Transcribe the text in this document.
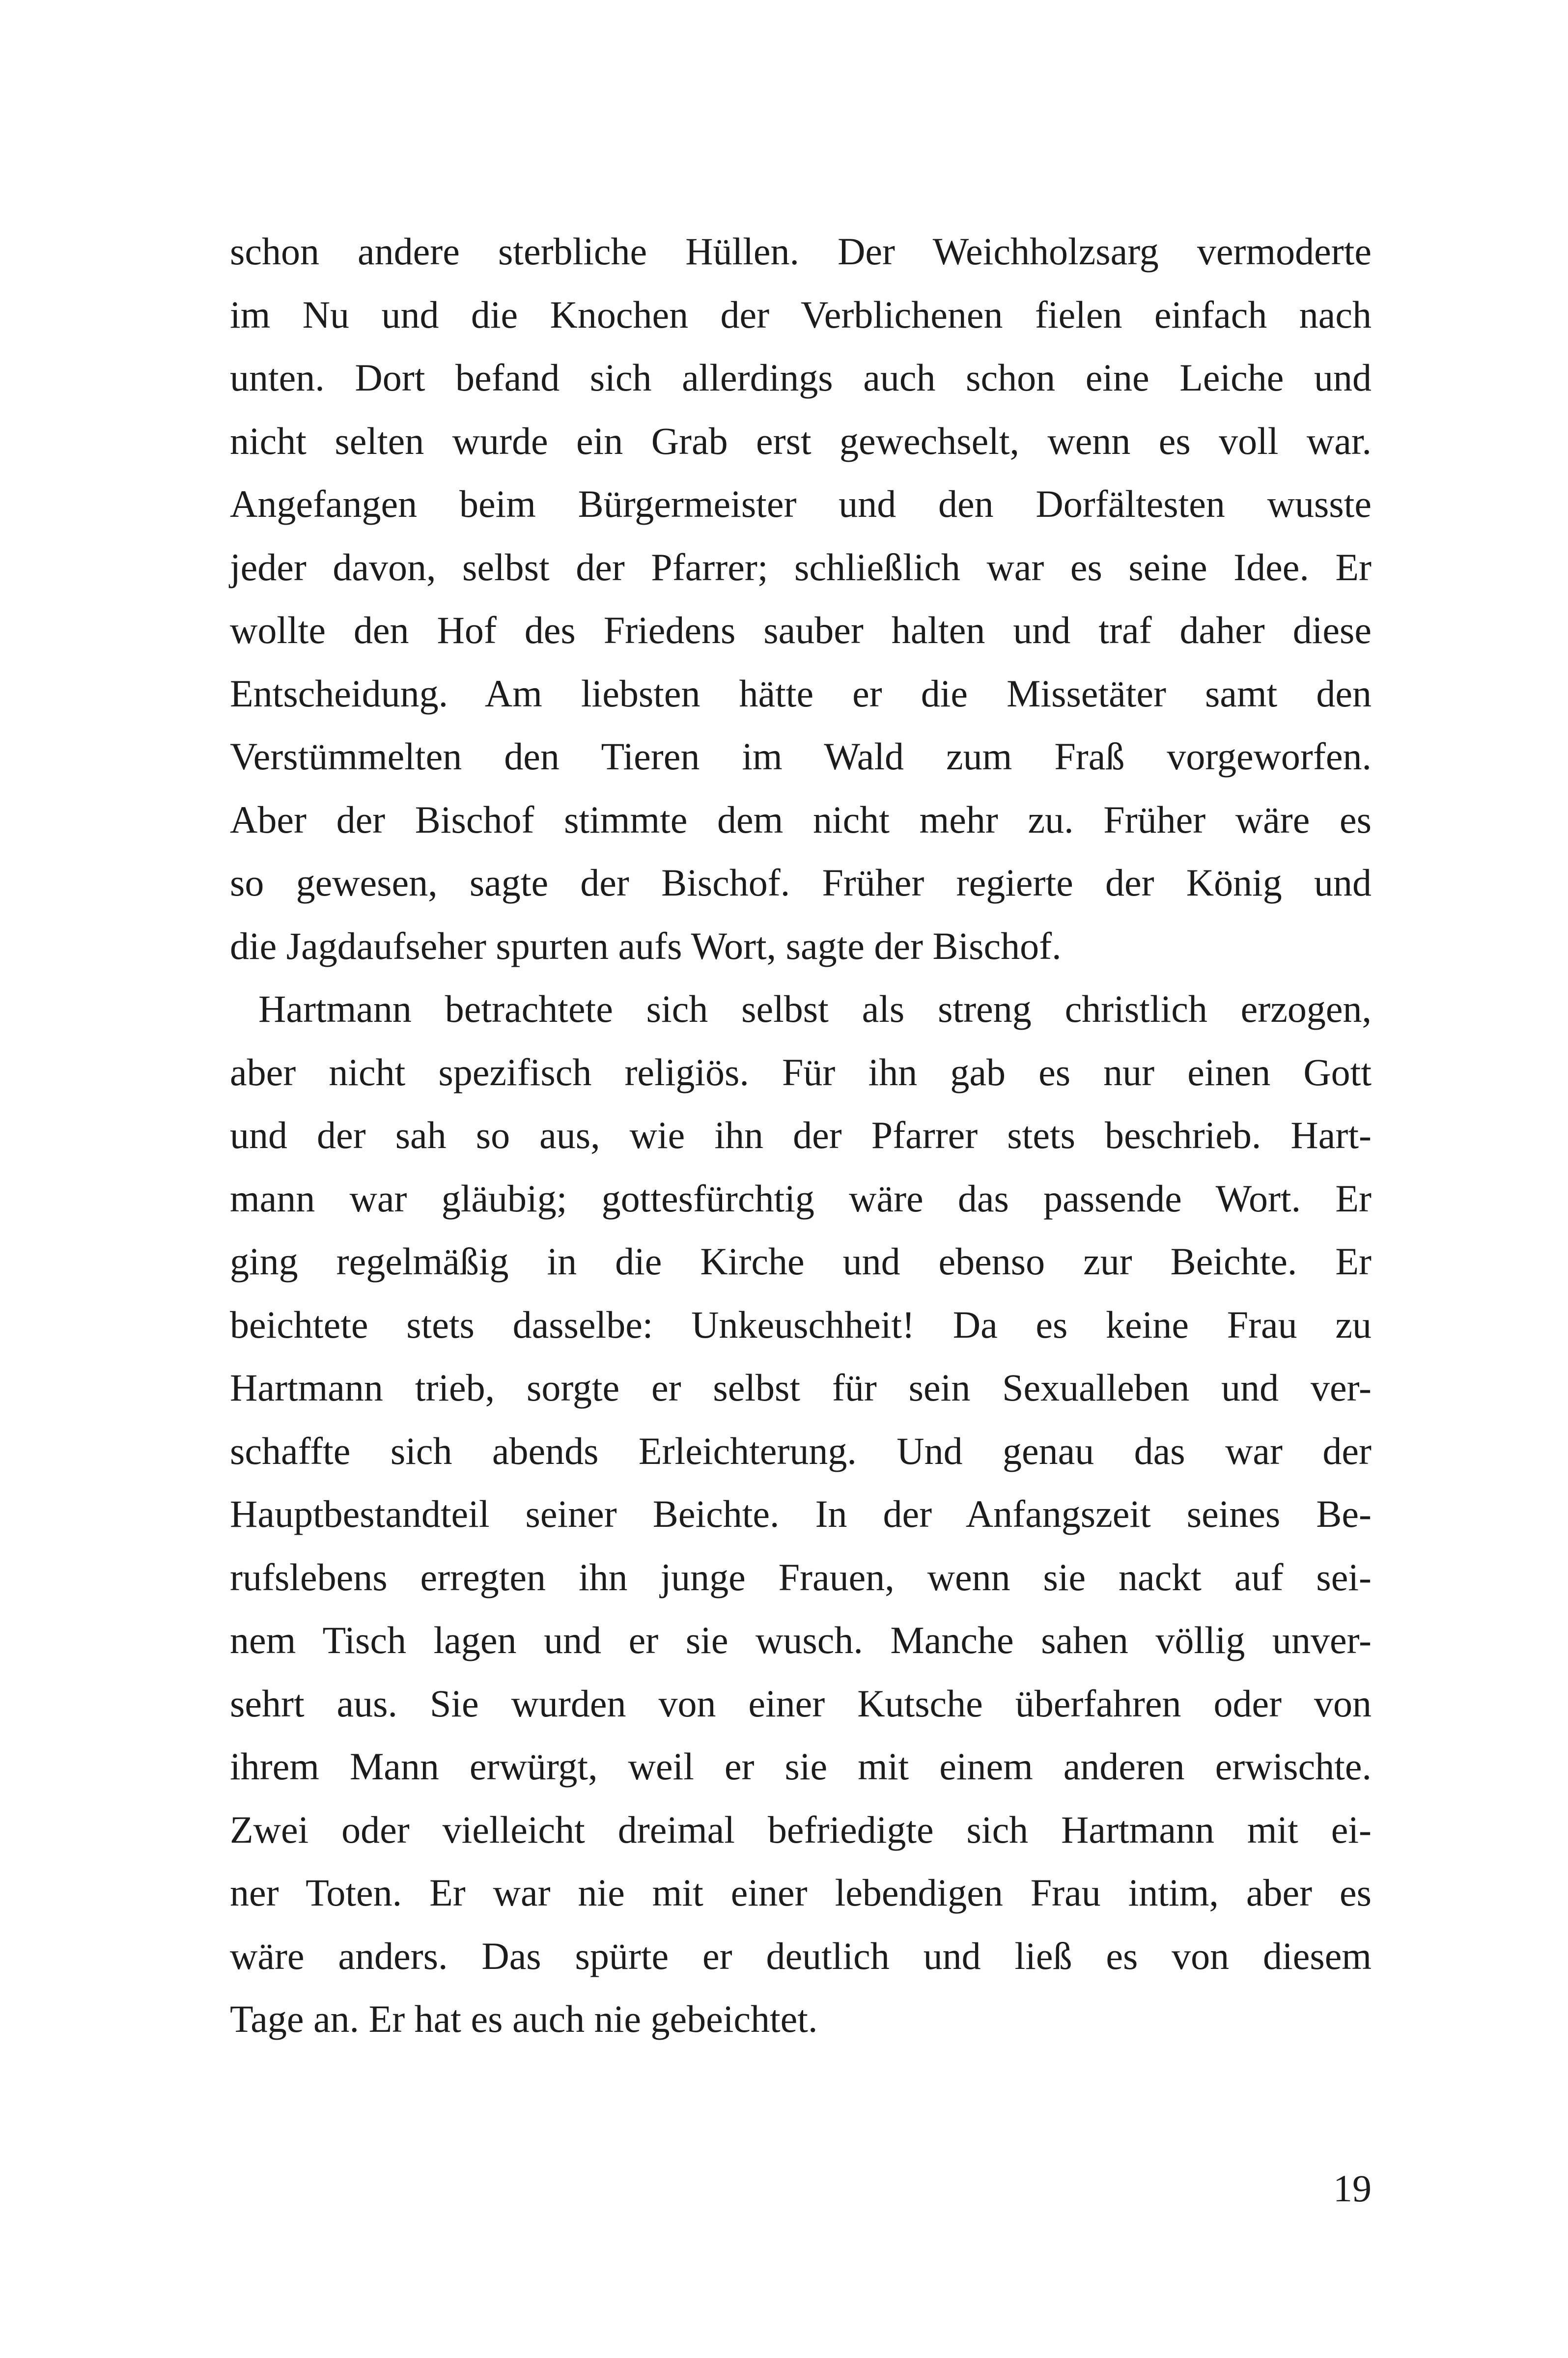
schon andere sterbliche Hüllen. Der Weichholzsarg vermoderte
im Nu und die Knochen der Verblichenen fielen einfach nach
unten. Dort befand sich allerdings auch schon eine Leiche und
nicht selten wurde ein Grab erst gewechselt, wenn es voll war.
Angefangen beim Bürgermeister und den Dorfältesten wusste
jeder davon, selbst der Pfarrer; schließlich war es seine Idee. Er
wollte den Hof des Friedens sauber halten und traf daher diese
Entscheidung. Am liebsten hätte er die Missetäter samt den
Verstümmelten den Tieren im Wald zum Fraß vorgeworfen.
Aber der Bischof stimmte dem nicht mehr zu. Früher wäre es
so gewesen, sagte der Bischof. Früher regierte der König und
die Jagdaufseher spurten aufs Wort, sagte der Bischof.
Hartmann betrachtete sich selbst als streng christlich erzogen,
aber nicht spezifisch religiös. Für ihn gab es nur einen Gott
und der sah so aus, wie ihn der Pfarrer stets beschrieb. Hart-
mann war gläubig; gottesfürchtig wäre das passende Wort. Er
ging regelmäßig in die Kirche und ebenso zur Beichte. Er
beichtete stets dasselbe: Unkeuschheit! Da es keine Frau zu
Hartmann trieb, sorgte er selbst für sein Sexualleben und ver-
schaffte sich abends Erleichterung. Und genau das war der
Hauptbestandteil seiner Beichte. In der Anfangszeit seines Be-
rufslebens erregten ihn junge Frauen, wenn sie nackt auf sei-
nem Tisch lagen und er sie wusch. Manche sahen völlig unver-
sehrt aus. Sie wurden von einer Kutsche überfahren oder von
ihrem Mann erwürgt, weil er sie mit einem anderen erwischte.
Zwei oder vielleicht dreimal befriedigte sich Hartmann mit ei-
ner Toten. Er war nie mit einer lebendigen Frau intim, aber es
wäre anders. Das spürte er deutlich und ließ es von diesem
Tage an. Er hat es auch nie gebeichtet.
19
